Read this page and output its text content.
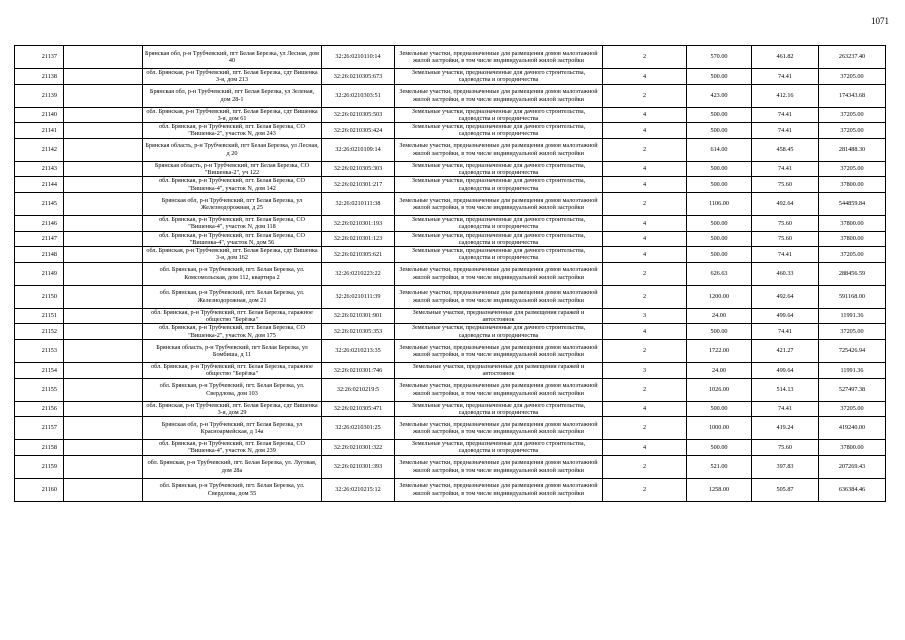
1071
21137		Брянская обл, р-н Трубчевский, пгт Белая Березка, ул Лесная, дом 40	32:26:0210110:14	Земельные участки, предназначенные для размещения домов малоэтажной жилой застройки, в том числе индивидуальной жилой застройки	2	570.00	461.82	263237.40
21138		обл. Брянская, р-н Трубчевский, пгт. Белая Березка, сдт Вишенка 3-я, дом 213	32:26:0210305:673	Земельные участки, предназначенные для дачного строительства, садоводства и огородничества	4	500.00	74.41	37205.00
21139		Брянская обл, р-н Трубчевский, пгт Белая Березка, ул Зеленая, дом 28-1	32:26:0210303:51	Земельные участки, предназначенные для размещения домов малоэтажной жилой застройки, в том числе индивидуальной жилой застройки	2	423.00	412.16	174343.68
21140		обл. Брянская, р-н Трубчевский, пгт. Белая Березка, сдт Вишенка 3-я, дом 61	32:26:0210305:503	Земельные участки, предназначенные для дачного строительства, садоводства и огородничества	4	500.00	74.41	37205.00
21141		обл. Брянская, р-н Трубчевский, пгт. Белая Березка, СО "Вишенка-2", участок N, дом 243	32:26:0210305:424	Земельные участки, предназначенные для дачного строительства, садоводства и огородничества	4	500.00	74.41	37205.00
21142		Брянская область, р-н Трубчевский, пгт Белая Березка, ул Лесная, д 20	32:26:0210109:14	Земельные участки, предназначенные для размещения домов малоэтажной жилой застройки, в том числе индивидуальной жилой застройки	2	614.00	458.45	281488.30
21143		Брянская область, р-н Трубчевский, пгт Белая Березка, СО "Вишенка-2", уч 122	32:26:0210305:303	Земельные участки, предназначенные для дачного строительства, садоводства и огородничества	4	500.00	74.41	37205.00
21144		обл. Брянская, р-н Трубчевский, пгт. Белая Березка, СО "Вишенка-4", участок N, дом 142	32:26:0210301:217	Земельные участки, предназначенные для дачного строительства, садоводства и огородничества	4	500.00	75.60	37800.00
21145		Брянская обл, р-н Трубчевский, пгт Белая Березка, ул Железнодорожная, д 25	32:26:0210111:38	Земельные участки, предназначенные для размещения домов малоэтажной жилой застройки, в том числе индивидуальной жилой застройки	2	1106.00	492.64	544859.84
21146		обл. Брянская, р-н Трубчевский, пгт. Белая Березка, СО "Вишенка-4", участок N, дом 118	32:26:0210301:193	Земельные участки, предназначенные для дачного строительства, садоводства и огородничества	4	500.00	75.60	37800.00
21147		обл. Брянская, р-н Трубчевский, пгт. Белая Березка, СО "Вишенка-4", участок N, дом 56	32:26:0210301:123	Земельные участки, предназначенные для дачного строительства, садоводства и огородничества	4	500.00	75.60	37800.00
21148		обл. Брянская, р-н Трубчевский, пгт. Белая Березка, сдт Вишенка 3-я, дом 162	32:26:0210305:621	Земельные участки, предназначенные для дачного строительства, садоводства и огородничества	4	500.00	74.41	37205.00
21149		обл. Брянская, р-н Трубчевский, пгт. Белая Березка, ул. Комсомольская, дом 112, квартира 2	32:26:0210223:22	Земельные участки, предназначенные для размещения домов малоэтажной жилой застройки, в том числе индивидуальной жилой застройки	2	626.63	460.33	288456.59
21150		обл. Брянская, р-н Трубчевский, пгт. Белая Березка, ул. Железнодорожная, дом 21	32:26:0210111:39	Земельные участки, предназначенные для размещения домов малоэтажной жилой застройки, в том числе индивидуальной жилой застройки	2	1200.00	492.64	591168.00
21151		обл. Брянская, р-н Трубчевский, пгт. Белая Березка, гаражное общество "Берёзка"	32:26:0210301:901	Земельные участки, предназначенные для размещения гаражей и автостоянок	3	24.00	499.64	11991.36
21152		обл. Брянская, р-н Трубчевский, пгт. Белая Березка, СО "Вишенка-2", участок N, дом 175	32:26:0210305:353	Земельные участки, предназначенные для дачного строительства, садоводства и огородничества	4	500.00	74.41	37205.00
21153		Брянская область, р-н Трубчевский, пгт Белая Березка, ул Бомбиша, д 11	32:26:0210213:35	Земельные участки, предназначенные для размещения домов малоэтажной жилой застройки, в том числе индивидуальной жилой застройки	2	1722.00	421.27	725426.94
21154		обл. Брянская, р-н Трубчевский, пгт. Белая Березка, гаражное общество "Берёзка"	32:26:0210301:746	Земельные участки, предназначенные для размещения гаражей и автостоянок	3	24.00	499.64	11991.36
21155		обл. Брянская, р-н Трубчевский, пгт. Белая Березка, ул. Свердлова, дом 103	32:26:0210219:5	Земельные участки, предназначенные для размещения домов малоэтажной жилой застройки, в том числе индивидуальной жилой застройки	2	1026.00	514.13	527497.38
21156		обл. Брянская, р-н Трубчевский, пгт. Белая Березка, сдт Вишенка 3-я, дом 29	32:26:0210305:471	Земельные участки, предназначенные для дачного строительства, садоводства и огородничества	4	500.00	74.41	37205.00
21157		Брянская обл, р-н Трубчевский, пгт Белая Березка, ул Красноармейская, д 14а	32:26:0210301:25	Земельные участки, предназначенные для размещения домов малоэтажной жилой застройки, в том числе индивидуальной жилой застройки	2	1000.00	419.24	419240.00
21158		обл. Брянская, р-н Трубчевский, пгт. Белая Березка, СО "Вишенка-4", участок N, дом 239	32:26:0210301:322	Земельные участки, предназначенные для дачного строительства, садоводства и огородничества	4	500.00	75.60	37800.00
21159		обл. Брянская, р-н Трубчевский, пгт. Белая Березка, ул. Луговая, дом 28а	32:26:0210301:393	Земельные участки, предназначенные для размещения домов малоэтажной жилой застройки, в том числе индивидуальной жилой застройки	2	521.00	397.83	207269.43
21160		обл. Брянская, р-н Трубчевский, пгт. Белая Березка, ул. Свердлова, дом 55	32:26:0210215:12	Земельные участки, предназначенные для размещения домов малоэтажной жилой застройки, в том числе индивидуальной жилой застройки	2	1258.00	505.87	636384.46
